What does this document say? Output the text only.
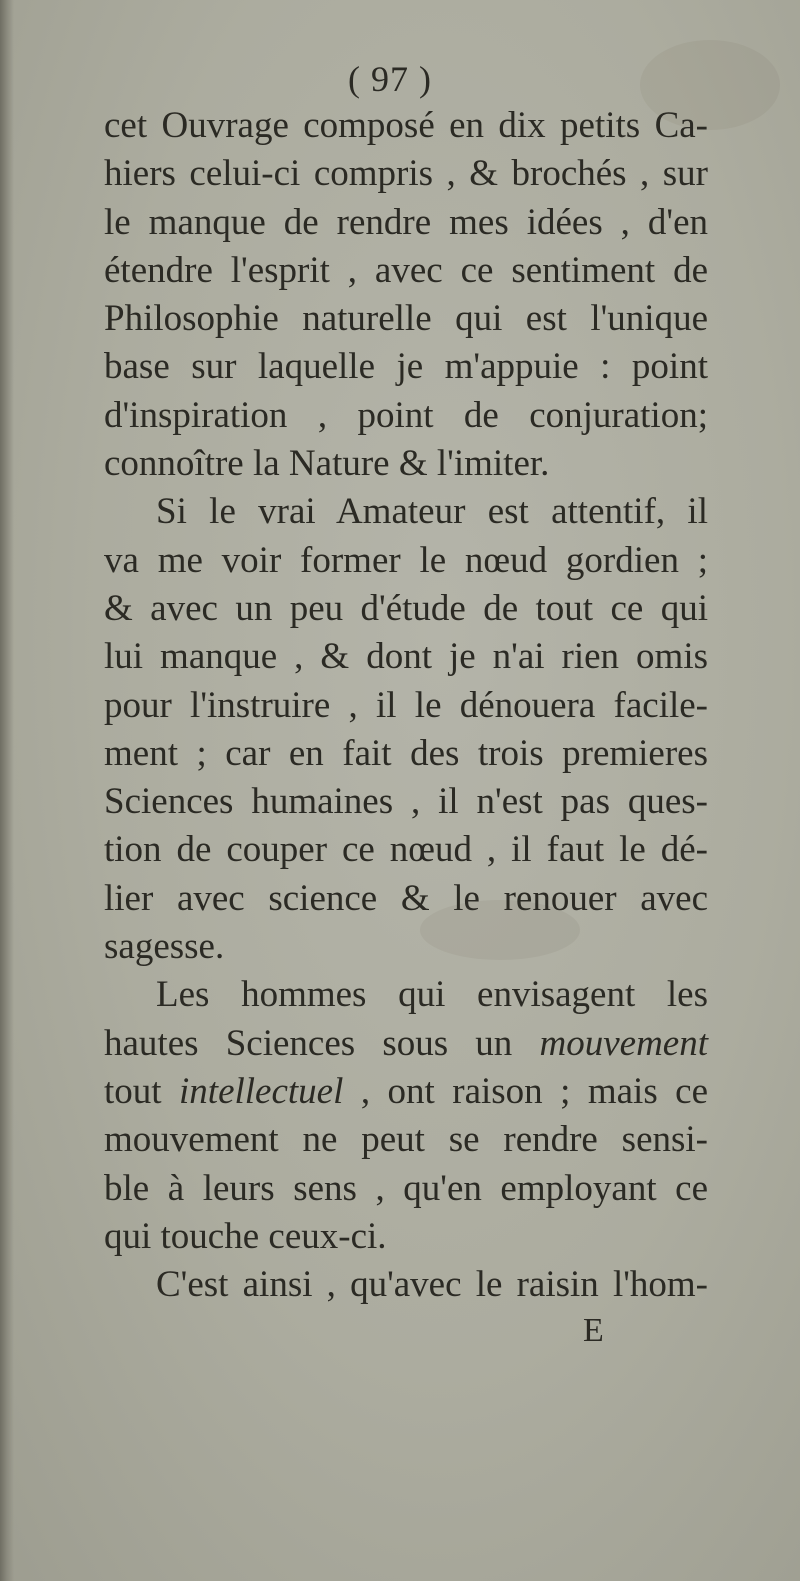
( 97 )
cet Ouvrage composé en dix petits Ca-
hiers celui-ci compris , & brochés , sur
le manque de rendre mes idées , d'en
étendre l'esprit , avec ce sentiment de
Philosophie naturelle qui est l'unique
base sur laquelle je m'appuie : point
d'inspiration , point de conjuration;
connoître la Nature & l'imiter.
Si le vrai Amateur est attentif, il
va me voir former le nœud gordien ;
& avec un peu d'étude de tout ce qui
lui manque , & dont je n'ai rien omis
pour l'instruire , il le dénouera facile-
ment ; car en fait des trois premieres
Sciences humaines , il n'est pas ques-
tion de couper ce nœud , il faut le dé-
lier avec science & le renouer avec
sagesse.
Les hommes qui envisagent les
hautes Sciences sous un mouvement
tout intellectuel , ont raison ; mais ce
mouvement ne peut se rendre sensi-
ble à leurs sens , qu'en employant ce
qui touche ceux-ci.
C'est ainsi , qu'avec le raisin l'hom-
E
